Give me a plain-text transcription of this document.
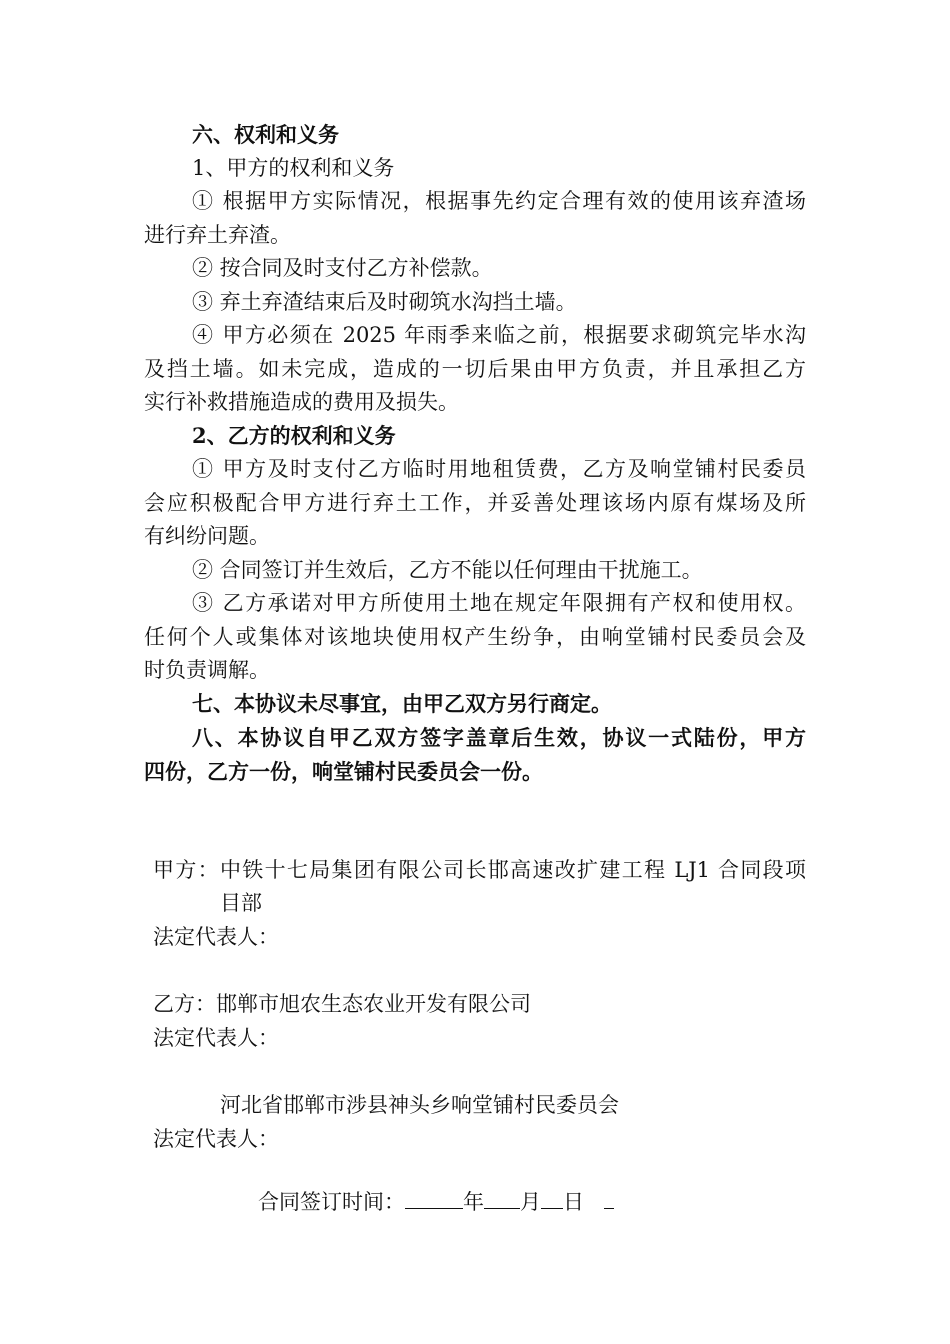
六、权利和义务
1、甲方的权利和义务
① 根据甲方实际情况，根据事先约定合理有效的使用该弃渣场
进行弃土弃渣。
② 按合同及时支付乙方补偿款。
③ 弃土弃渣结束后及时砌筑水沟挡土墙。
④ 甲方必须在 2025 年雨季来临之前，根据要求砌筑完毕水沟
及挡土墙。如未完成，造成的一切后果由甲方负责，并且承担乙方
实行补救措施造成的费用及损失。
2、乙方的权利和义务
① 甲方及时支付乙方临时用地租赁费，乙方及响堂铺村民委员
会应积极配合甲方进行弃土工作，并妥善处理该场内原有煤场及所
有纠纷问题。
② 合同签订并生效后，乙方不能以任何理由干扰施工。
③ 乙方承诺对甲方所使用土地在规定年限拥有产权和使用权。
任何个人或集体对该地块使用权产生纷争，由响堂铺村民委员会及
时负责调解。
七、本协议未尽事宜，由甲乙双方另行商定。
八、本协议自甲乙双方签字盖章后生效，协议一式陆份，甲方
四份，乙方一份，响堂铺村民委员会一份。
甲方：中铁十七局集团有限公司长邯高速改扩建工程 LJ1 合同段项
目部
法定代表人：
乙方：邯郸市旭农生态农业开发有限公司
法定代表人：
河北省邯郸市涉县神头乡响堂铺村民委员会
法定代表人：
合同签订时间：	年 月 日
